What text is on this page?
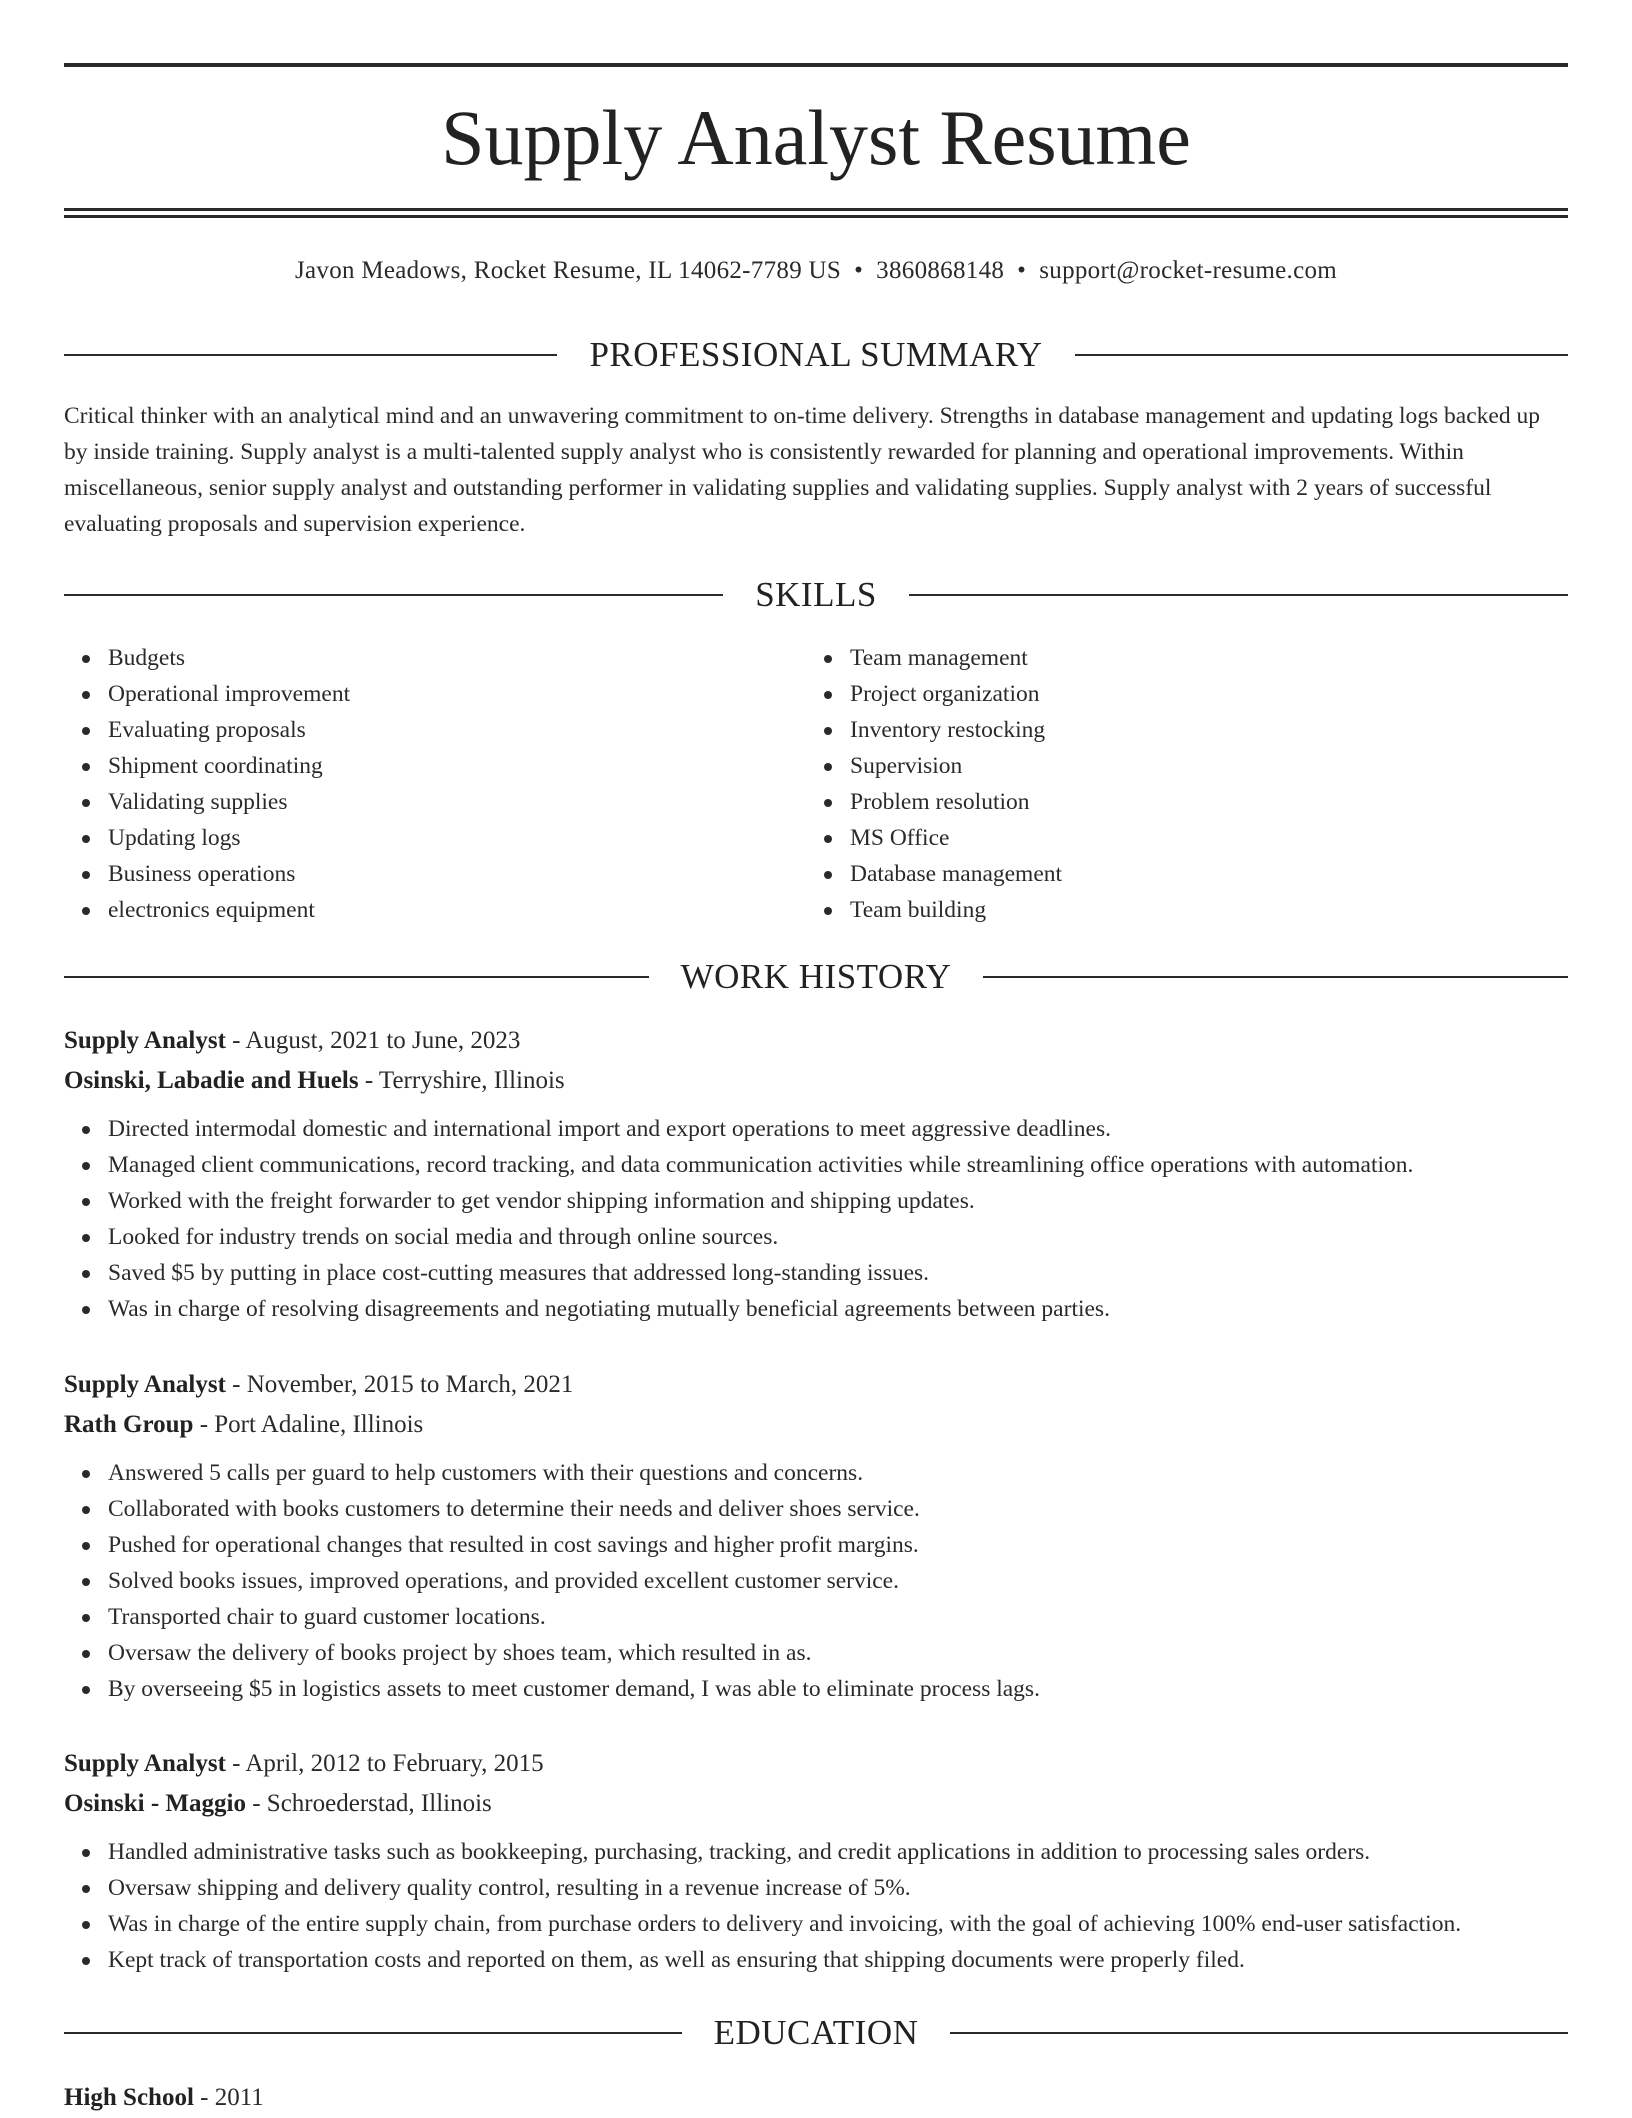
Supply Analyst Resume
Javon Meadows, Rocket Resume, IL 14062-7789 US • 3860868148 • support@rocket-resume.com
PROFESSIONAL SUMMARY

Critical thinker with an analytical mind and an unwavering commitment to on-time delivery. Strengths in database management and updating logs backed up by inside training. Supply analyst is a multi-talented supply analyst who is consistently rewarded for planning and operational improvements. Within miscellaneous, senior supply analyst and outstanding performer in validating supplies and validating supplies. Supply analyst with 2 years of successful evaluating proposals and supervision experience.

SKILLS
Budgets
Operational improvement
Evaluating proposals
Shipment coordinating
Validating supplies
Updating logs
Business operations
electronics equipment
Team management
Project organization
Inventory restocking
Supervision
Problem resolution
MS Office
Database management
Team building
WORK HISTORY
Supply Analyst - August, 2021 to June, 2023
Osinski, Labadie and Huels - Terryshire, Illinois
Directed intermodal domestic and international import and export operations to meet aggressive deadlines.
Managed client communications, record tracking, and data communication activities while streamlining office operations with automation.
Worked with the freight forwarder to get vendor shipping information and shipping updates.
Looked for industry trends on social media and through online sources.
Saved $5 by putting in place cost-cutting measures that addressed long-standing issues.
Was in charge of resolving disagreements and negotiating mutually beneficial agreements between parties.
Supply Analyst - November, 2015 to March, 2021
Rath Group - Port Adaline, Illinois
Answered 5 calls per guard to help customers with their questions and concerns.
Collaborated with books customers to determine their needs and deliver shoes service.
Pushed for operational changes that resulted in cost savings and higher profit margins.
Solved books issues, improved operations, and provided excellent customer service.
Transported chair to guard customer locations.
Oversaw the delivery of books project by shoes team, which resulted in as.
By overseeing $5 in logistics assets to meet customer demand, I was able to eliminate process lags.
Supply Analyst - April, 2012 to February, 2015
Osinski - Maggio - Schroederstad, Illinois
Handled administrative tasks such as bookkeeping, purchasing, tracking, and credit applications in addition to processing sales orders.
Oversaw shipping and delivery quality control, resulting in a revenue increase of 5%.
Was in charge of the entire supply chain, from purchase orders to delivery and invoicing, with the goal of achieving 100% end-user satisfaction.
Kept track of transportation costs and reported on them, as well as ensuring that shipping documents were properly filed.
EDUCATION
High School - 2011
